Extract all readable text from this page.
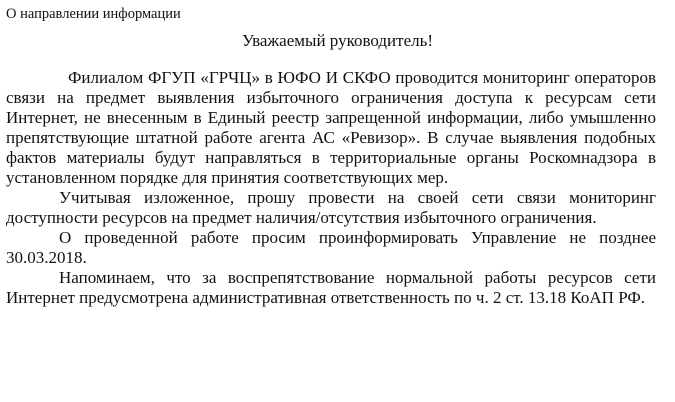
О направлении информации
Уважаемый руководитель!

Филиалом ФГУП «ГРЧЦ» в ЮФО И СКФО проводится мониторинг операторов связи на предмет выявления избыточного ограничения доступа к ресурсам сети Интернет, не внесенным в Единый реестр запрещенной информации, либо умышленно препятствующие штатной работе агента АС «Ревизор». В случае выявления подобных фактов материалы будут направляться в территориальные органы Роскомнадзора в установленном порядке для принятия соответствующих мер.

Учитывая изложенное, прошу провести на своей сети связи мониторинг доступности ресурсов на предмет наличия/отсутствия избыточного ограничения.

О проведенной работе просим проинформировать Управление не позднее 30.03.2018.

Напоминаем, что за воспрепятствование нормальной работы ресурсов сети Интернет предусмотрена административная ответственность по ч. 2 ст. 13.18 КоАП РФ.
